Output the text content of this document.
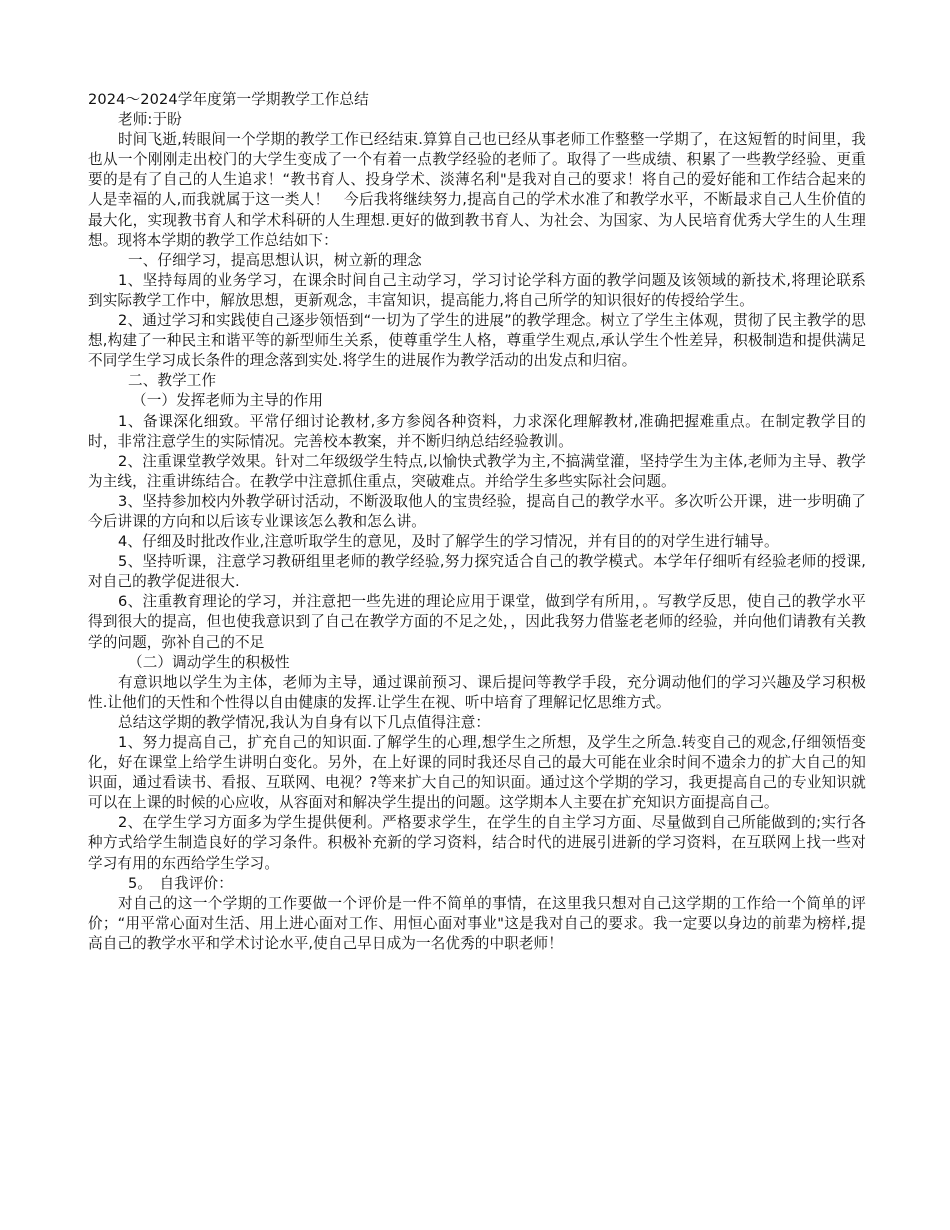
2024～2024学年度第一学期教学工作总结

老师:于盼

时间飞逝,转眼间一个学期的教学工作已经结束.算算自己也已经从事老师工作整整一学期了，在这短暂的时间里，我也从一个刚刚走出校门的大学生变成了一个有着一点教学经验的老师了。取得了一些成绩、积累了一些教学经验、更重要的是有了自己的人生追求！“教书育人、投身学术、淡薄名利"是我对自己的要求！将自己的爱好能和工作结合起来的人是幸福的人,而我就属于这一类人！　今后我将继续努力,提高自己的学术水准了和教学水平，不断最求自己人生价值的最大化，实现教书育人和学术科研的人生理想.更好的做到教书育人、为社会、为国家、为人民培育优秀大学生的人生理想。现将本学期的教学工作总结如下：

一、仔细学习，提高思想认识，树立新的理念

1、坚持每周的业务学习，在课余时间自己主动学习，学习讨论学科方面的教学问题及该领域的新技术,将理论联系到实际教学工作中，解放思想，更新观念，丰富知识，提高能力,将自己所学的知识很好的传授给学生。

2、通过学习和实践使自己逐步领悟到“一切为了学生的进展”的教学理念。树立了学生主体观，贯彻了民主教学的思想,构建了一种民主和谐平等的新型师生关系，使尊重学生人格，尊重学生观点,承认学生个性差异，积极制造和提供满足不同学生学习成长条件的理念落到实处.将学生的进展作为教学活动的出发点和归宿。

二、教学工作

（一）发挥老师为主导的作用

1、备课深化细致。平常仔细讨论教材,多方参阅各种资料，力求深化理解教材,准确把握难重点。在制定教学目的时，非常注意学生的实际情况。完善校本教案，并不断归纳总结经验教训。

2、注重课堂教学效果。针对二年级级学生特点,以愉快式教学为主,不搞满堂灌，坚持学生为主体,老师为主导、教学为主线，注重讲练结合。在教学中注意抓住重点，突破难点。并给学生多些实际社会问题。

3、坚持参加校内外教学研讨活动，不断汲取他人的宝贵经验，提高自己的教学水平。多次听公开课，进一步明确了今后讲课的方向和以后该专业课该怎么教和怎么讲。

4、仔细及时批改作业,注意听取学生的意见，及时了解学生的学习情况，并有目的的对学生进行辅导。

5、坚持听课，注意学习教研组里老师的教学经验,努力探究适合自己的教学模式。本学年仔细听有经验老师的授课,对自己的教学促进很大.

6、注重教育理论的学习，并注意把一些先进的理论应用于课堂，做到学有所用，。写教学反思，使自己的教学水平得到很大的提高，但也使我意识到了自己在教学方面的不足之处，，因此我努力借鉴老老师的经验，并向他们请教有关教学的问题，弥补自己的不足

（二）调动学生的积极性

有意识地以学生为主体，老师为主导，通过课前预习、课后提问等教学手段，充分调动他们的学习兴趣及学习积极性.让他们的天性和个性得以自由健康的发挥.让学生在视、听中培育了理解记忆思维方式。

总结这学期的教学情况,我认为自身有以下几点值得注意：

1、努力提高自己，扩充自己的知识面.了解学生的心理,想学生之所想，及学生之所急.转变自己的观念,仔细领悟变化，好在课堂上给学生讲明白变化。另外，在上好课的同时我还尽自己的最大可能在业余时间不遗余力的扩大自己的知识面，通过看读书、看报、互联网、电视？?等来扩大自己的知识面。通过这个学期的学习，我更提高自己的专业知识就可以在上课的时候的心应收，从容面对和解决学生提出的问题。这学期本人主要在扩充知识方面提高自己。

2、在学生学习方面多为学生提供便利。严格要求学生，在学生的自主学习方面、尽量做到自己所能做到的;实行各种方式给学生制造良好的学习条件。积极补充新的学习资料，结合时代的进展引进新的学习资料，在互联网上找一些对学习有用的东西给学生学习。

5。　自我评价：

对自己的这一个学期的工作要做一个评价是一件不简单的事情，在这里我只想对自己这学期的工作给一个简单的评价；“用平常心面对生活、用上进心面对工作、用恒心面对事业"这是我对自己的要求。我一定要以身边的前辈为榜样,提高自己的教学水平和学术讨论水平,使自己早日成为一名优秀的中职老师！
